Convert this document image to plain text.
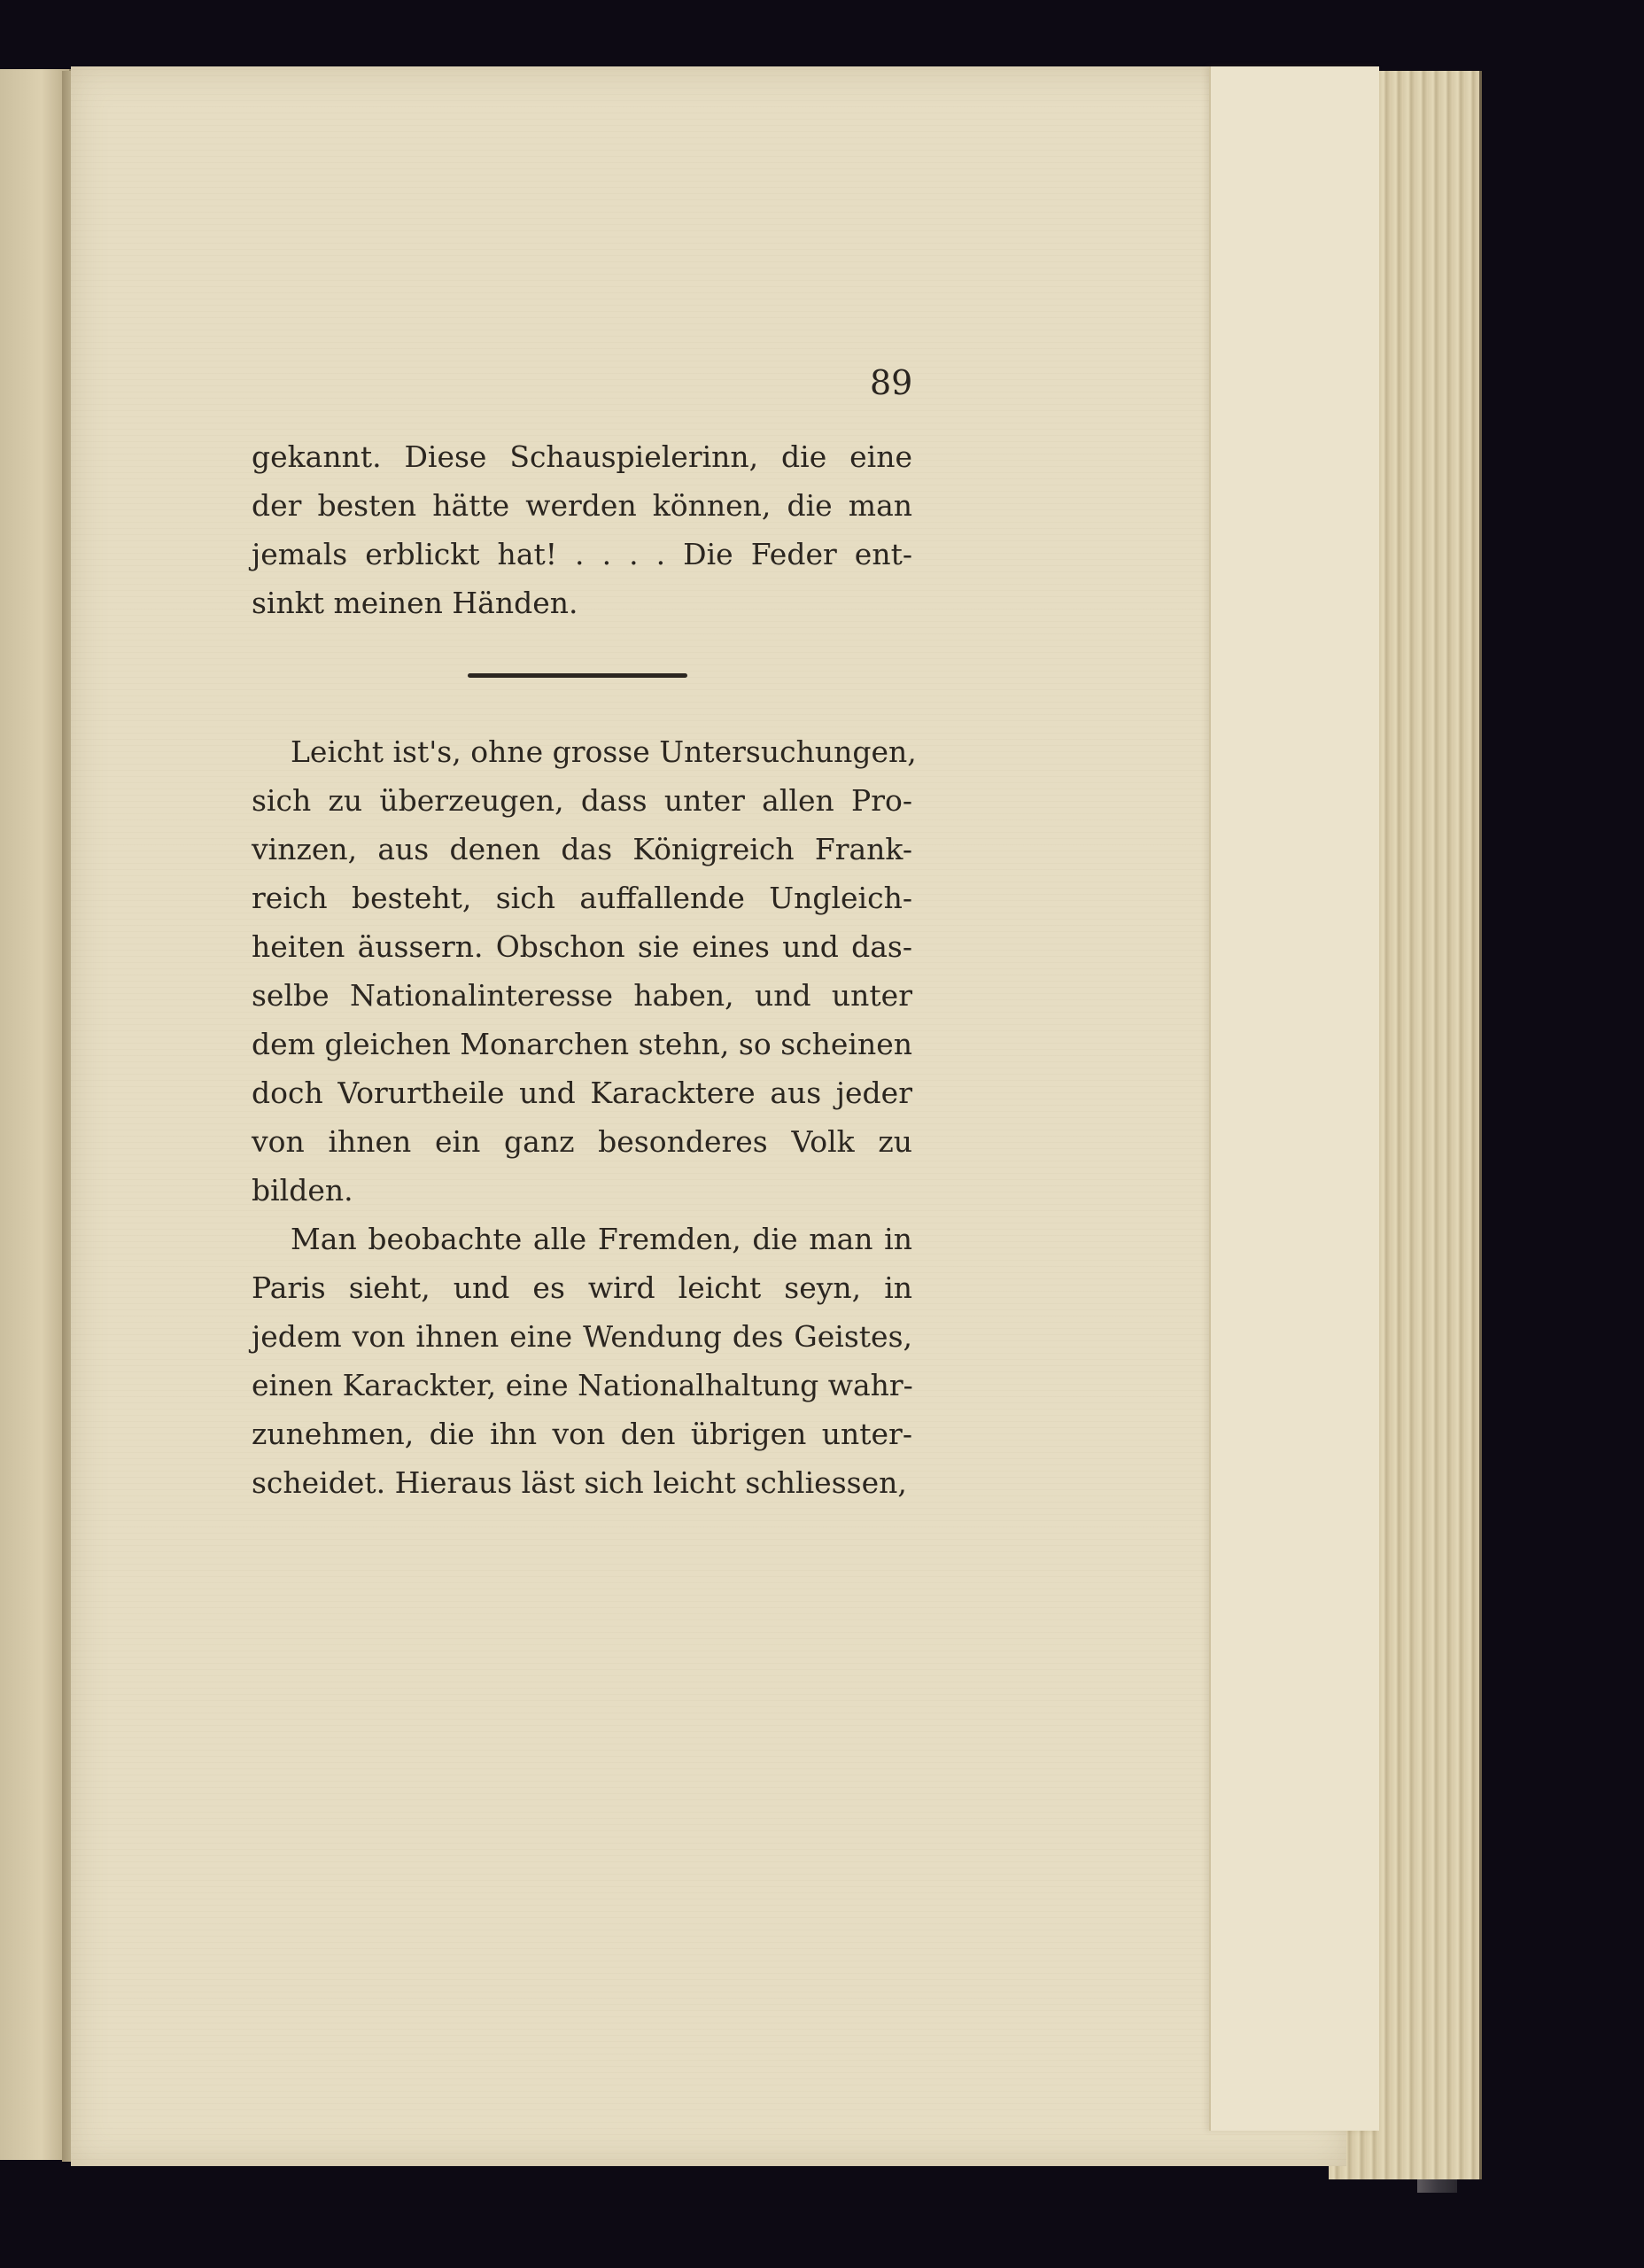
89
gekannt. Diese Schauspielerinn, die eine
der besten hätte werden können, die man
jemals erblickt hat! . . . . Die Feder ent-
sinkt meinen Händen.
Leicht ist's, ohne grosse Untersuchungen,
sich zu überzeugen, dass unter allen Pro-
vinzen, aus denen das Königreich Frank-
reich besteht, sich auffallende Ungleich-
heiten äussern. Obschon sie eines und das-
selbe Nationalinteresse haben, und unter
dem gleichen Monarchen stehn, so scheinen
doch Vorurtheile und Karacktere aus jeder
von ihnen ein ganz besonderes Volk zu
bilden.
Man beobachte alle Fremden, die man in
Paris sieht, und es wird leicht seyn, in
jedem von ihnen eine Wendung des Geistes,
einen Karackter, eine Nationalhaltung wahr-
zunehmen, die ihn von den übrigen unter-
scheidet. Hieraus läst sich leicht schliessen,
